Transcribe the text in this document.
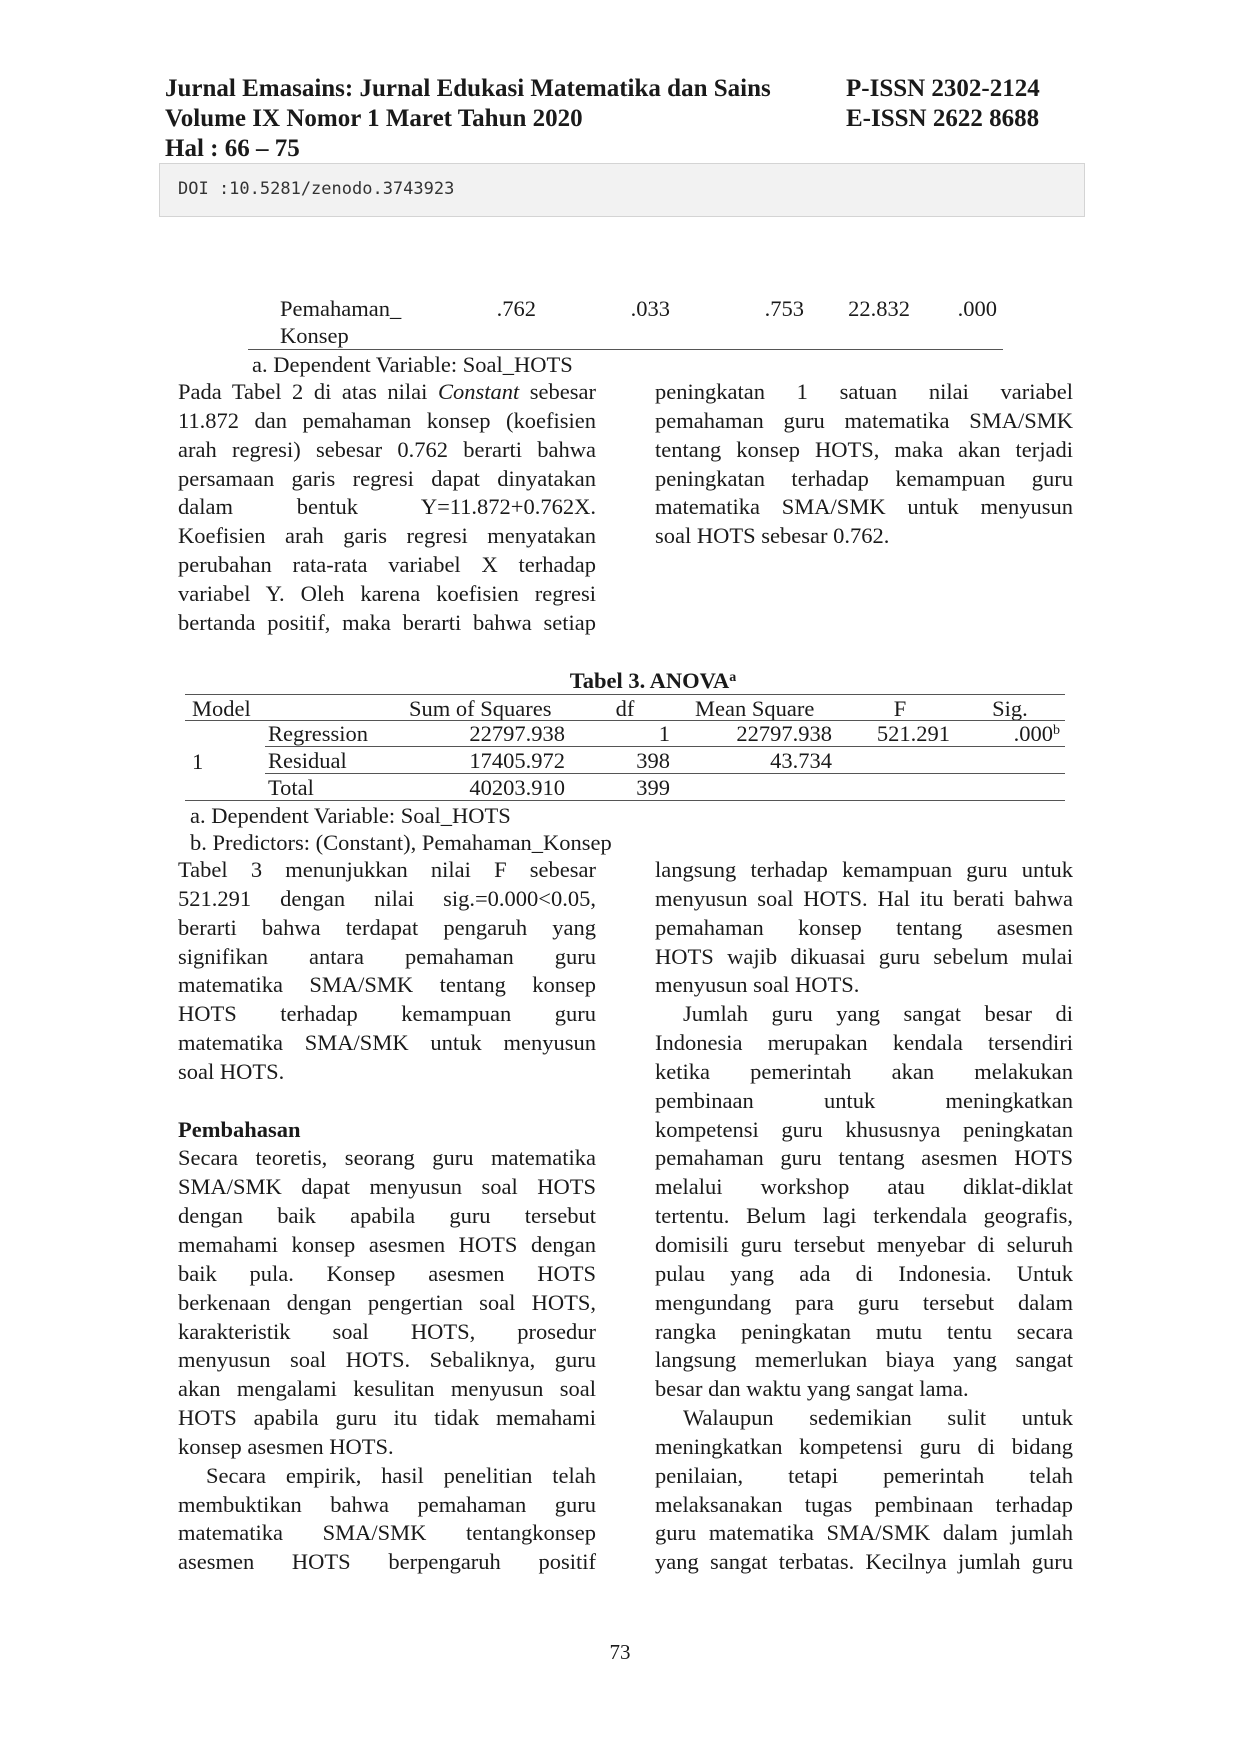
Jurnal Emasains: Jurnal Edukasi Matematika dan Sains
Volume IX Nomor 1 Maret Tahun 2020
Hal : 66 – 75
P-ISSN 2302-2124
E-ISSN 2622 8688
DOI :10.5281/zenodo.3743923
Pemahaman_
Konsep
.762	.033	.753	22.832	.000
a. Dependent Variable: Soal_HOTS

Pada Tabel 2 di atas nilai Constant sebesar

11.872 dan pemahaman konsep (koefisien

arah regresi) sebesar 0.762 berarti bahwa

persamaan garis regresi dapat dinyatakan

dalam bentuk Y=11.872+0.762X.

Koefisien arah garis regresi menyatakan

perubahan rata-rata variabel X terhadap

variabel Y. Oleh karena koefisien regresi

bertanda positif, maka berarti bahwa setiap

peningkatan 1 satuan nilai variabel

pemahaman guru matematika SMA/SMK

tentang konsep HOTS, maka akan terjadi

peningkatan terhadap kemampuan guru

matematika SMA/SMK untuk menyusun

soal HOTS sebesar 0.762.

Tabel 3. ANOVA$^a$
Model	Sum of Squares	df	Mean Square	F	Sig.
1
Regression	22797.938	1	22797.938	521.291	.000$^b$
Residual	17405.972	398	43.734
Total	40203.910	399
a. Dependent Variable: Soal_HOTS
b. Predictors: (Constant), Pemahaman_Konsep

Tabel 3 menunjukkan nilai F sebesar

521.291 dengan nilai sig.=0.000<0.05,

berarti bahwa terdapat pengaruh yang

signifikan antara pemahaman guru

matematika SMA/SMK tentang konsep

HOTS terhadap kemampuan guru

matematika SMA/SMK untuk menyusun

soal HOTS.

Pembahasan

Secara teoretis, seorang guru matematika

SMA/SMK dapat menyusun soal HOTS

dengan baik apabila guru tersebut

memahami konsep asesmen HOTS dengan

baik pula. Konsep asesmen HOTS

berkenaan dengan pengertian soal HOTS,

karakteristik soal HOTS, prosedur

menyusun soal HOTS. Sebaliknya, guru

akan mengalami kesulitan menyusun soal

HOTS apabila guru itu tidak memahami

konsep asesmen HOTS.

Secara empirik, hasil penelitian telah

membuktikan bahwa pemahaman guru

matematika SMA/SMK tentangkonsep

asesmen HOTS berpengaruh positif

langsung terhadap kemampuan guru untuk

menyusun soal HOTS. Hal itu berati bahwa

pemahaman konsep tentang asesmen

HOTS wajib dikuasai guru sebelum mulai

menyusun soal HOTS.

Jumlah guru yang sangat besar di

Indonesia merupakan kendala tersendiri

ketika pemerintah akan melakukan

pembinaan untuk meningkatkan

kompetensi guru khususnya peningkatan

pemahaman guru tentang asesmen HOTS

melalui workshop atau diklat-diklat

tertentu. Belum lagi terkendala geografis,

domisili guru tersebut menyebar di seluruh

pulau yang ada di Indonesia. Untuk

mengundang para guru tersebut dalam

rangka peningkatan mutu tentu secara

langsung memerlukan biaya yang sangat

besar dan waktu yang sangat lama.

Walaupun sedemikian sulit untuk

meningkatkan kompetensi guru di bidang

penilaian, tetapi pemerintah telah

melaksanakan tugas pembinaan terhadap

guru matematika SMA/SMK dalam jumlah

yang sangat terbatas. Kecilnya jumlah guru

73
